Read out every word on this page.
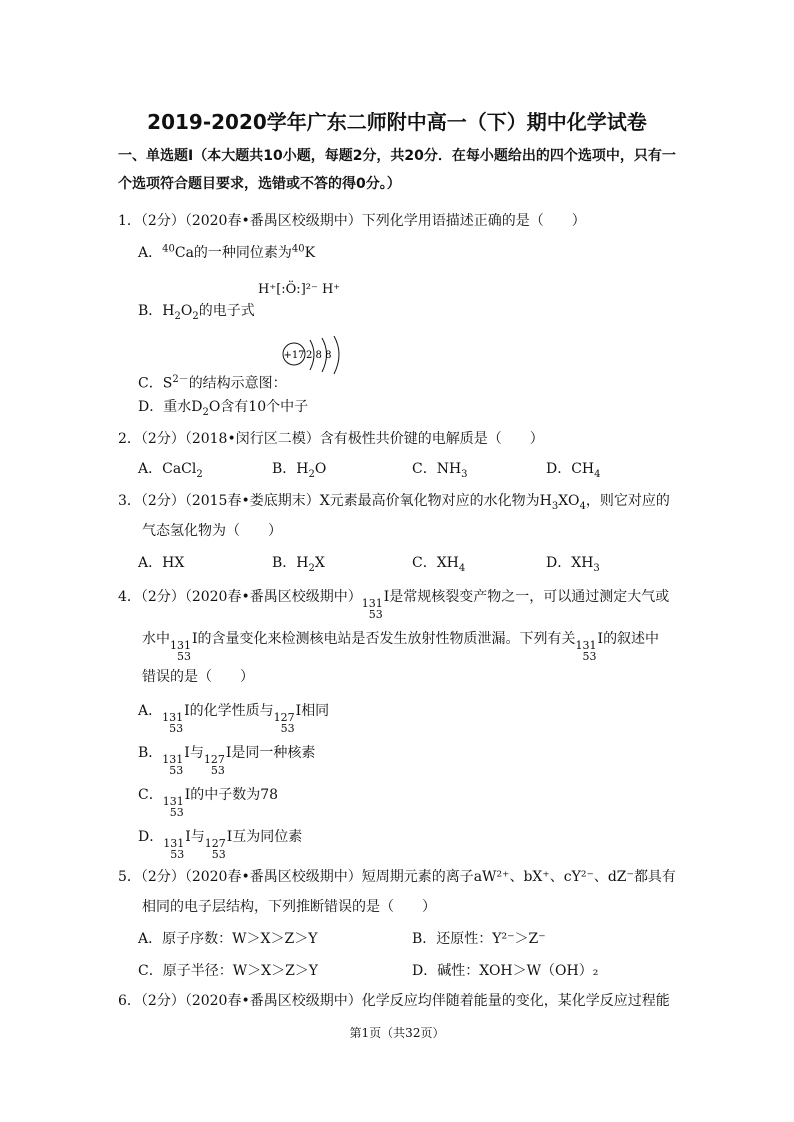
2019-2020学年广东二师附中高一（下）期中化学试卷
一、单选题Ⅰ（本大题共10小题，每题2分，共20分．在每小题给出的四个选项中，只有一个选项符合题目要求，选错或不答的得0分。）
1．（2分）（2020春•番禺区校级期中）下列化学用语描述正确的是（　　）
A．$^{40}$Ca的一种同位素为$^{40}$K
B．$H_2O_2$的电子式
H⁺[:Ö:]²⁻ H⁺
+17 2 8 8
C．$S^{2-}$的结构示意图：
D．重水$D_2O$含有10个中子
2．（2分）（2018•闵行区二模）含有极性共价键的电解质是（　　）
A．CaCl$_2$	B．$H_2O$	C．$NH_3$	D．$CH_4$
3．（2分）（2015春•娄底期末）X元素最高价氧化物对应的水化物为$H_3XO_4$，则它对应的
气态氢化物为（　　）
A．HX	B．$H_2X$	C．$XH_4$	D．$XH_3$
4．（2分）（2020春•番禺区校级期中） 131
53
I是常规核裂变产物之一，可以通过测定大气或
水中 131
53
I的含量变化来检测核电站是否发生放射性物质泄漏。下列有关 131
53
I的叙述中
错误的是（　　）
A． 131
53
I的化学性质与 127
53
I相同
B． 131
53
I与 127
53
I是同一种核素
C． 131
53
I的中子数为78
D． 131
53
I与 127
53
I互为同位素
5．（2分）（2020春•番禺区校级期中）短周期元素的离子aW²⁺、bX⁺、cY²⁻、dZ⁻都具有
相同的电子层结构，下列推断错误的是（　　）
A．原子序数：W＞X＞Z＞Y	B．还原性：Y²⁻＞Z⁻
C．原子半径：W＞X＞Z＞Y	D．碱性：XOH＞W（OH）₂
6．（2分）（2020春•番禺区校级期中）化学反应均伴随着能量的变化，某化学反应过程能
第1页（共32页）
